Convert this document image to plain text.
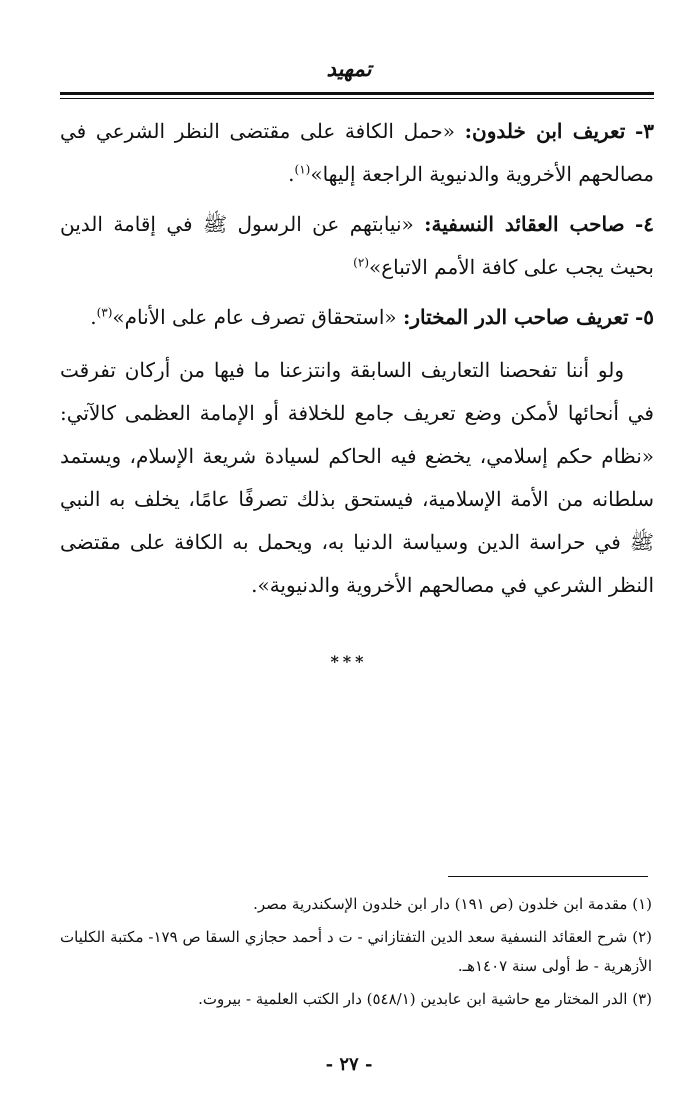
تمهيد

٣- تعريف ابن خلدون: «حمل الكافة على مقتضى النظر الشرعي في مصالحهم الأخروية والدنيوية الراجعة إليها»$^{(١)}$.

٤- صاحب العقائد النسفية: «نيابتهم عن الرسول ﷺ في إقامة الدين بحيث يجب على كافة الأمم الاتباع»$^{(٢)}$

٥- تعريف صاحب الدر المختار: «استحقاق تصرف عام على الأنام»$^{(٣)}$.

ولو أننا تفحصنا التعاريف السابقة وانتزعنا ما فيها من أركان تفرقت في أنحائها لأمكن وضع تعريف جامع للخلافة أو الإمامة العظمى كالآتي: «نظام حكم إسلامي، يخضع فيه الحاكم لسيادة شريعة الإسلام، ويستمد سلطانه من الأمة الإسلامية، فيستحق بذلك تصرفًا عامًا، يخلف به النبي ﷺ في حراسة الدين وسياسة الدنيا به، ويحمل به الكافة على مقتضى النظر الشرعي في مصالحهم الأخروية والدنيوية».

***

(١) مقدمة ابن خلدون (ص ١٩١) دار ابن خلدون الإسكندرية مصر.

(٢) شرح العقائد النسفية سعد الدين التفتازاني - ت د أحمد حجازي السقا ص ١٧٩- مكتبة الكليات الأزهرية - ط أولى سنة ١٤٠٧هـ.

(٣) الدر المختار مع حاشية ابن عابدين (٥٤٨/١) دار الكتب العلمية - بيروت.

- ٢٧ -
